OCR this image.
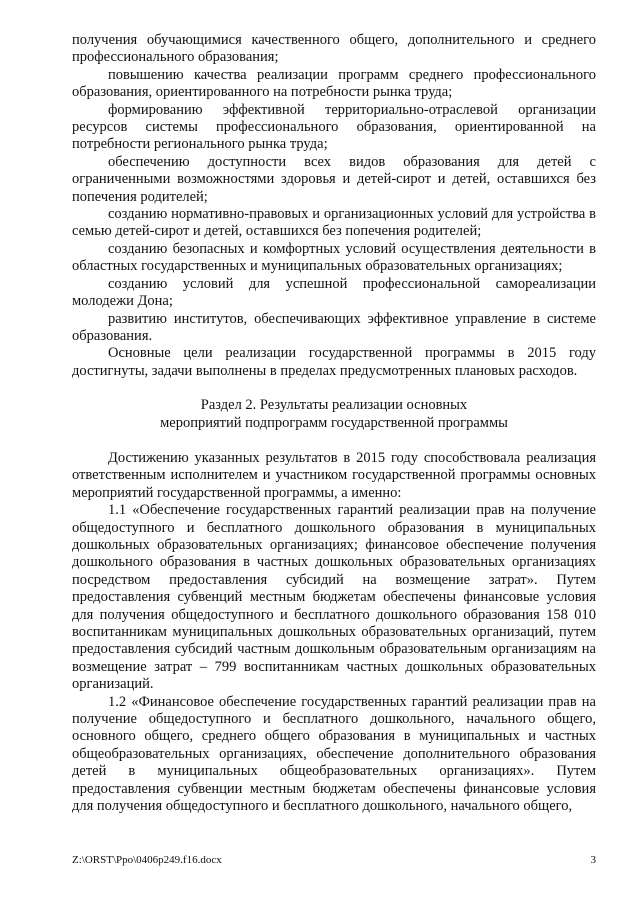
получения обучающимися качественного общего, дополнительного и среднего профессионального образования;

повышению качества реализации программ среднего профессионального образования, ориентированного на потребности рынка труда;

формированию эффективной территориально-отраслевой организации ресурсов системы профессионального образования, ориентированной на потребности регионального рынка труда;

обеспечению доступности всех видов образования для детей с ограниченными возможностями здоровья и детей-сирот и детей, оставшихся без попечения родителей;

созданию нормативно-правовых и организационных условий для устройства в семью детей-сирот и детей, оставшихся без попечения родителей;

созданию безопасных и комфортных условий осуществления деятельности в областных государственных и муниципальных образовательных организациях;

созданию условий для успешной профессиональной самореализации молодежи Дона;

развитию институтов, обеспечивающих эффективное управление в системе образования.

Основные цели реализации государственной программы в 2015 году достигнуты, задачи выполнены в пределах предусмотренных плановых расходов.

Раздел 2. Результаты реализации основных
мероприятий подпрограмм государственной программы

Достижению указанных результатов в 2015 году способствовала реализация ответственным исполнителем и участником государственной программы основных мероприятий государственной программы, а именно:

1.1 «Обеспечение государственных гарантий реализации прав на получение общедоступного и бесплатного дошкольного образования в муниципальных дошкольных образовательных организациях; финансовое обеспечение получения дошкольного образования в частных дошкольных образовательных организациях посредством предоставления субсидий на возмещение затрат». Путем предоставления субвенций местным бюджетам обеспечены финансовые условия для получения общедоступного и бесплатного дошкольного образования 158 010 воспитанникам муниципальных дошкольных образовательных организаций, путем предоставления субсидий частным дошкольным образовательным организациям на возмещение затрат – 799 воспитанникам частных дошкольных образовательных организаций.

1.2 «Финансовое обеспечение государственных гарантий реализации прав на получение общедоступного и бесплатного дошкольного, начального общего, основного общего, среднего общего образования в муниципальных и частных общеобразовательных организациях, обеспечение дополнительного образования детей в муниципальных общеобразовательных организациях». Путем предоставления субвенции местным бюджетам обеспечены финансовые условия для получения общедоступного и бесплатного дошкольного, начального общего,

Z:\ORST\Ppo\0406p249.f16.docx	3
